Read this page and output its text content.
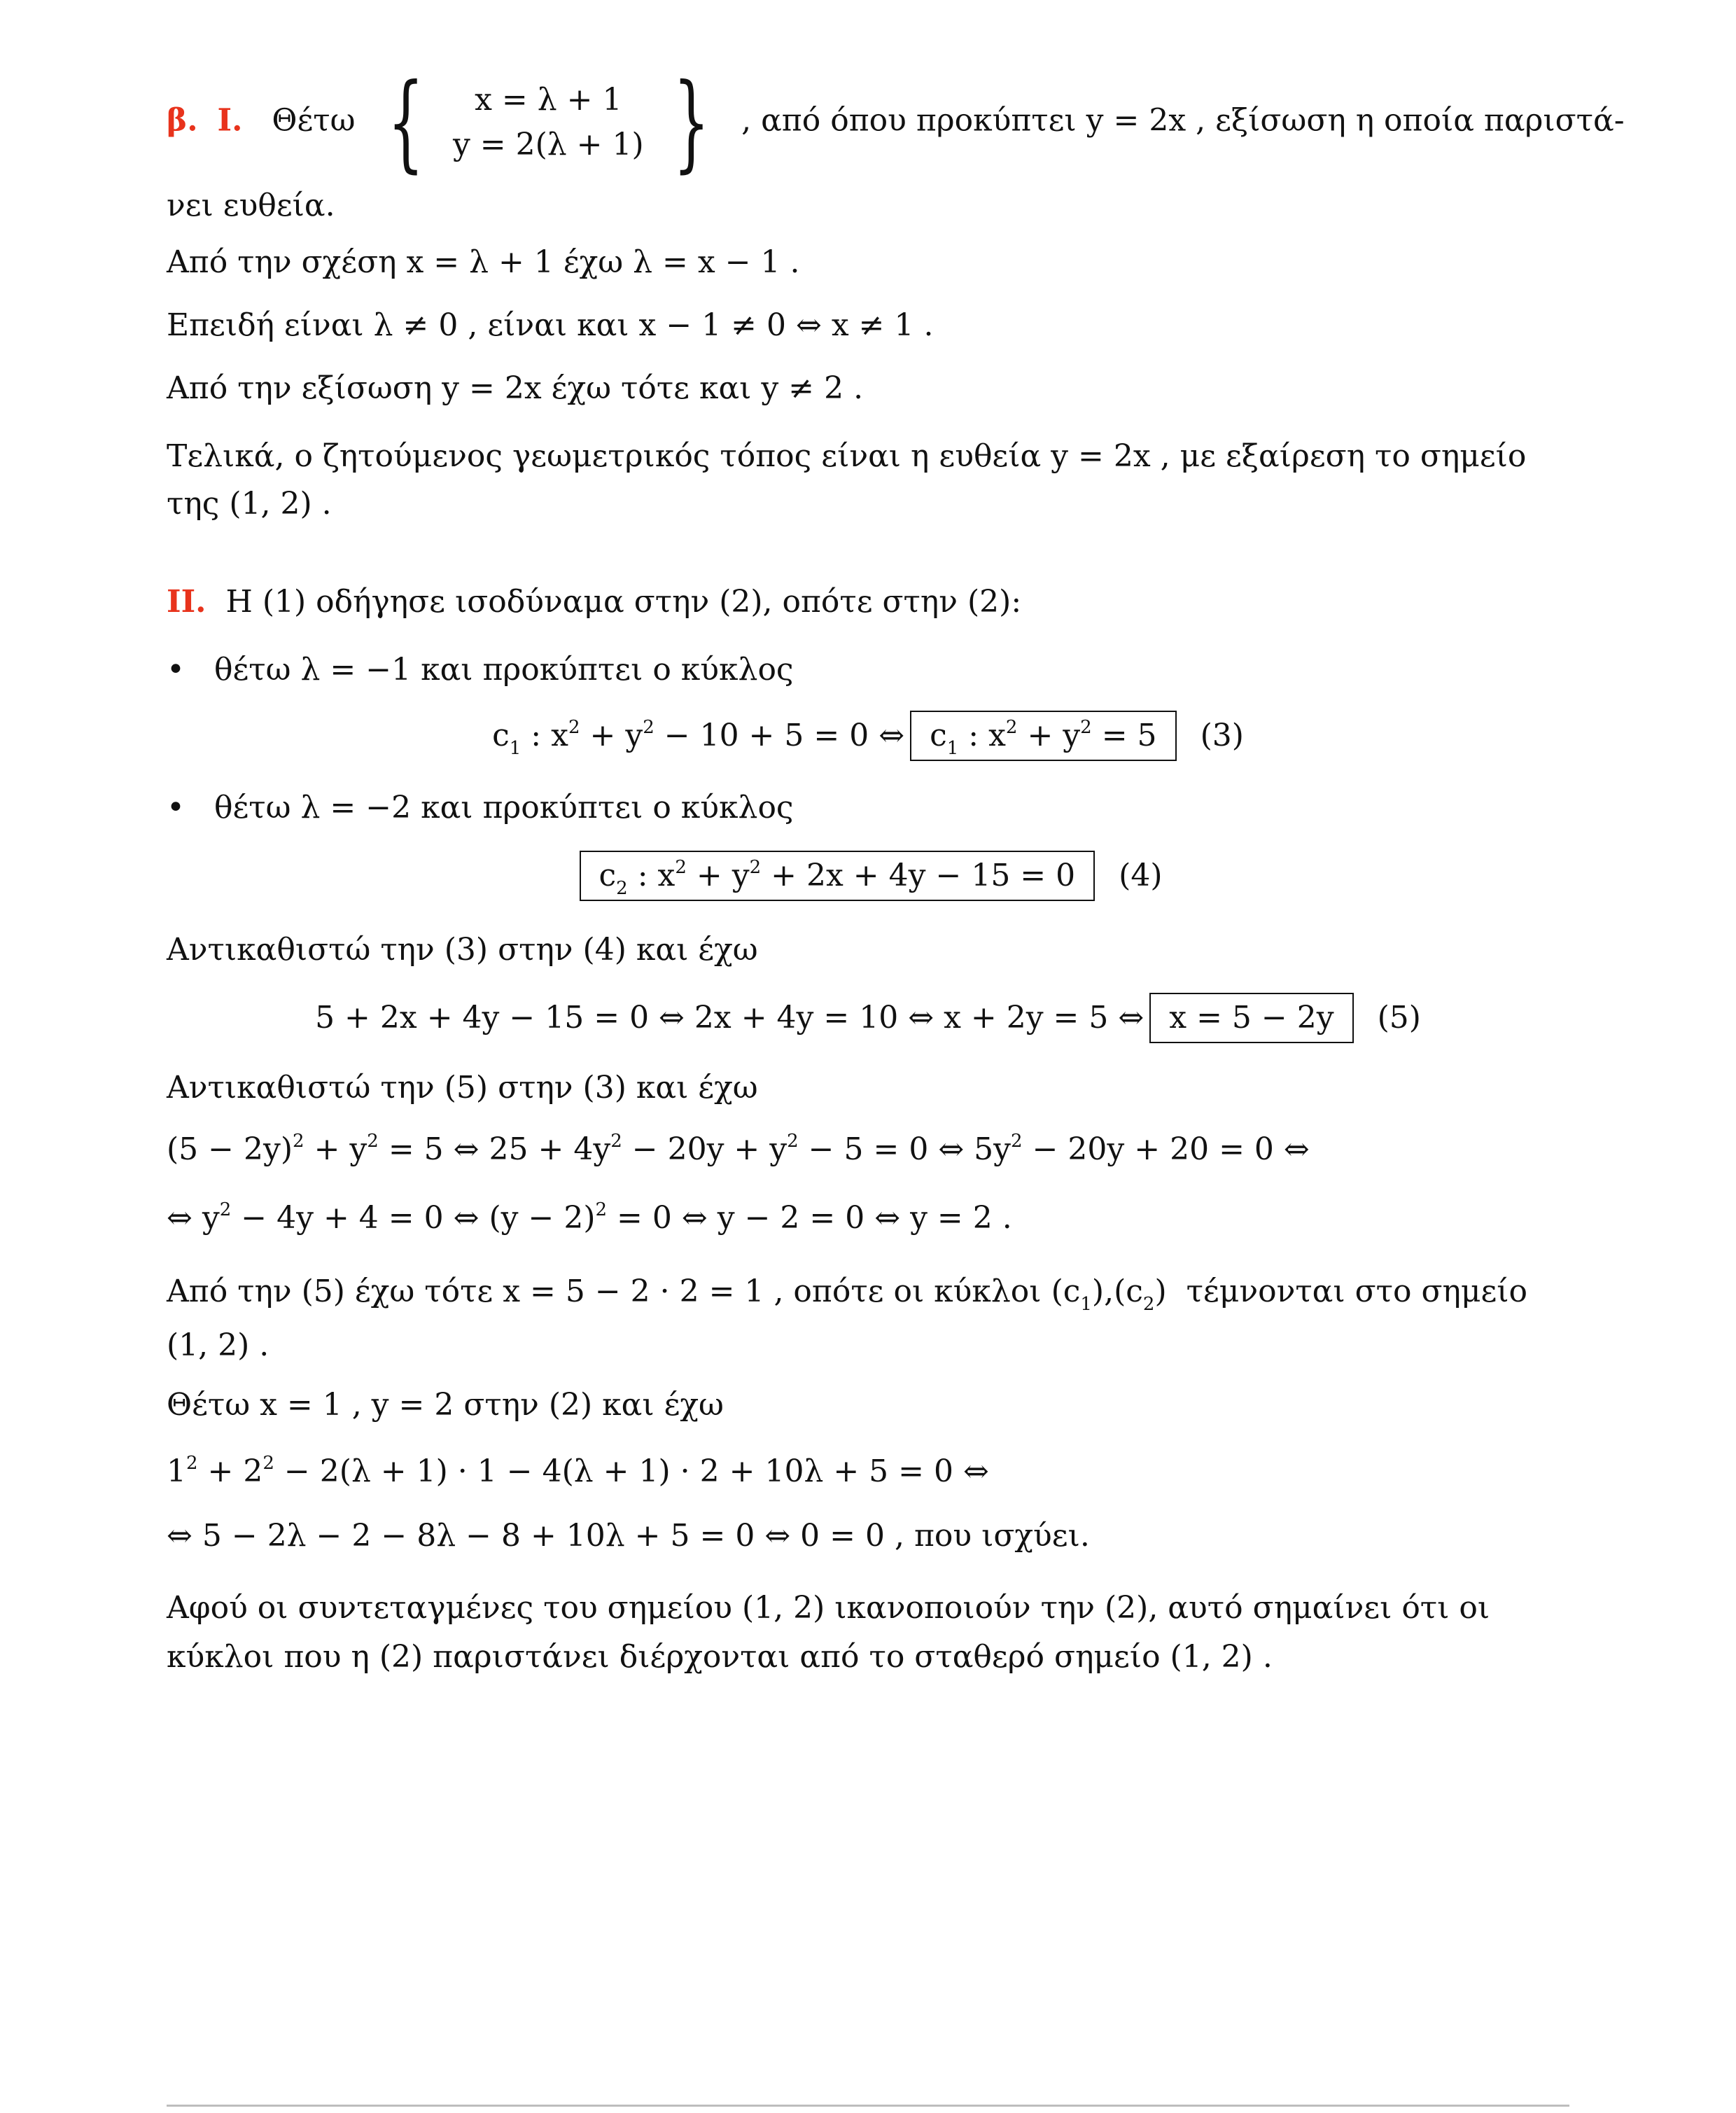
β. Ι. Θέτω { x = λ + 1
y = 2(λ + 1) } , από όπου προκύπτει y = 2x , εξίσωση η οποία παριστά-
νει ευθεία.
Από την σχέση x = λ + 1 έχω λ = x − 1 .
Επειδή είναι λ ≠ 0 , είναι και x − 1 ≠ 0 ⇔ x ≠ 1 .
Από την εξίσωση y = 2x έχω τότε και y ≠ 2 .
Τελικά, ο ζητούμενος γεωμετρικός τόπος είναι η ευθεία y = 2x , με εξαίρεση το σημείο
της (1, 2) .
ΙΙ. Η (1) οδήγησε ισοδύναμα στην (2), οπότε στην (2):
• θέτω λ = −1 και προκύπτει ο κύκλος
$c_1$ : $x^2 + y^2 - 10 + 5 = 0$ ⇔ $c_1$ : $x^2 + y^2 = 5$ (3)
• θέτω λ = −2 και προκύπτει ο κύκλος
$c_2$ : $x^2 + y^2 + 2x + 4y - 15 = 0$ (4)
Αντικαθιστώ την (3) στην (4) και έχω
5 + 2x + 4y − 15 = 0 ⇔ 2x + 4y = 10 ⇔ x + 2y = 5 ⇔ x = 5 − 2y (5)
Αντικαθιστώ την (5) στην (3) και έχω
$(5 - 2y)^2 + y^2 = 5$ ⇔ $25 + 4y^2 - 20y + y^2 - 5 = 0$ ⇔ $5y^2 - 20y + 20 = 0$ ⇔
⇔ $y^2 - 4y + 4 = 0$ ⇔ $(y - 2)^2 = 0$ ⇔ y − 2 = 0 ⇔ y = 2 .
Από την (5) έχω τότε x = 5 − 2 · 2 = 1 , οπότε οι κύκλοι $(c_1),(c_2)$ τέμνονται στο σημείο
(1, 2) .
Θέτω x = 1 , y = 2 στην (2) και έχω
$1^2 + 2^2 - 2(\lambda + 1) \cdot 1 - 4(\lambda + 1) \cdot 2 + 10\lambda + 5 = 0$ ⇔
⇔ 5 − 2λ − 2 − 8λ − 8 + 10λ + 5 = 0 ⇔ 0 = 0 , που ισχύει.
Αφού οι συντεταγμένες του σημείου (1, 2) ικανοποιούν την (2), αυτό σημαίνει ότι οι
κύκλοι που η (2) παριστάνει διέρχονται από το σταθερό σημείο (1, 2) .
